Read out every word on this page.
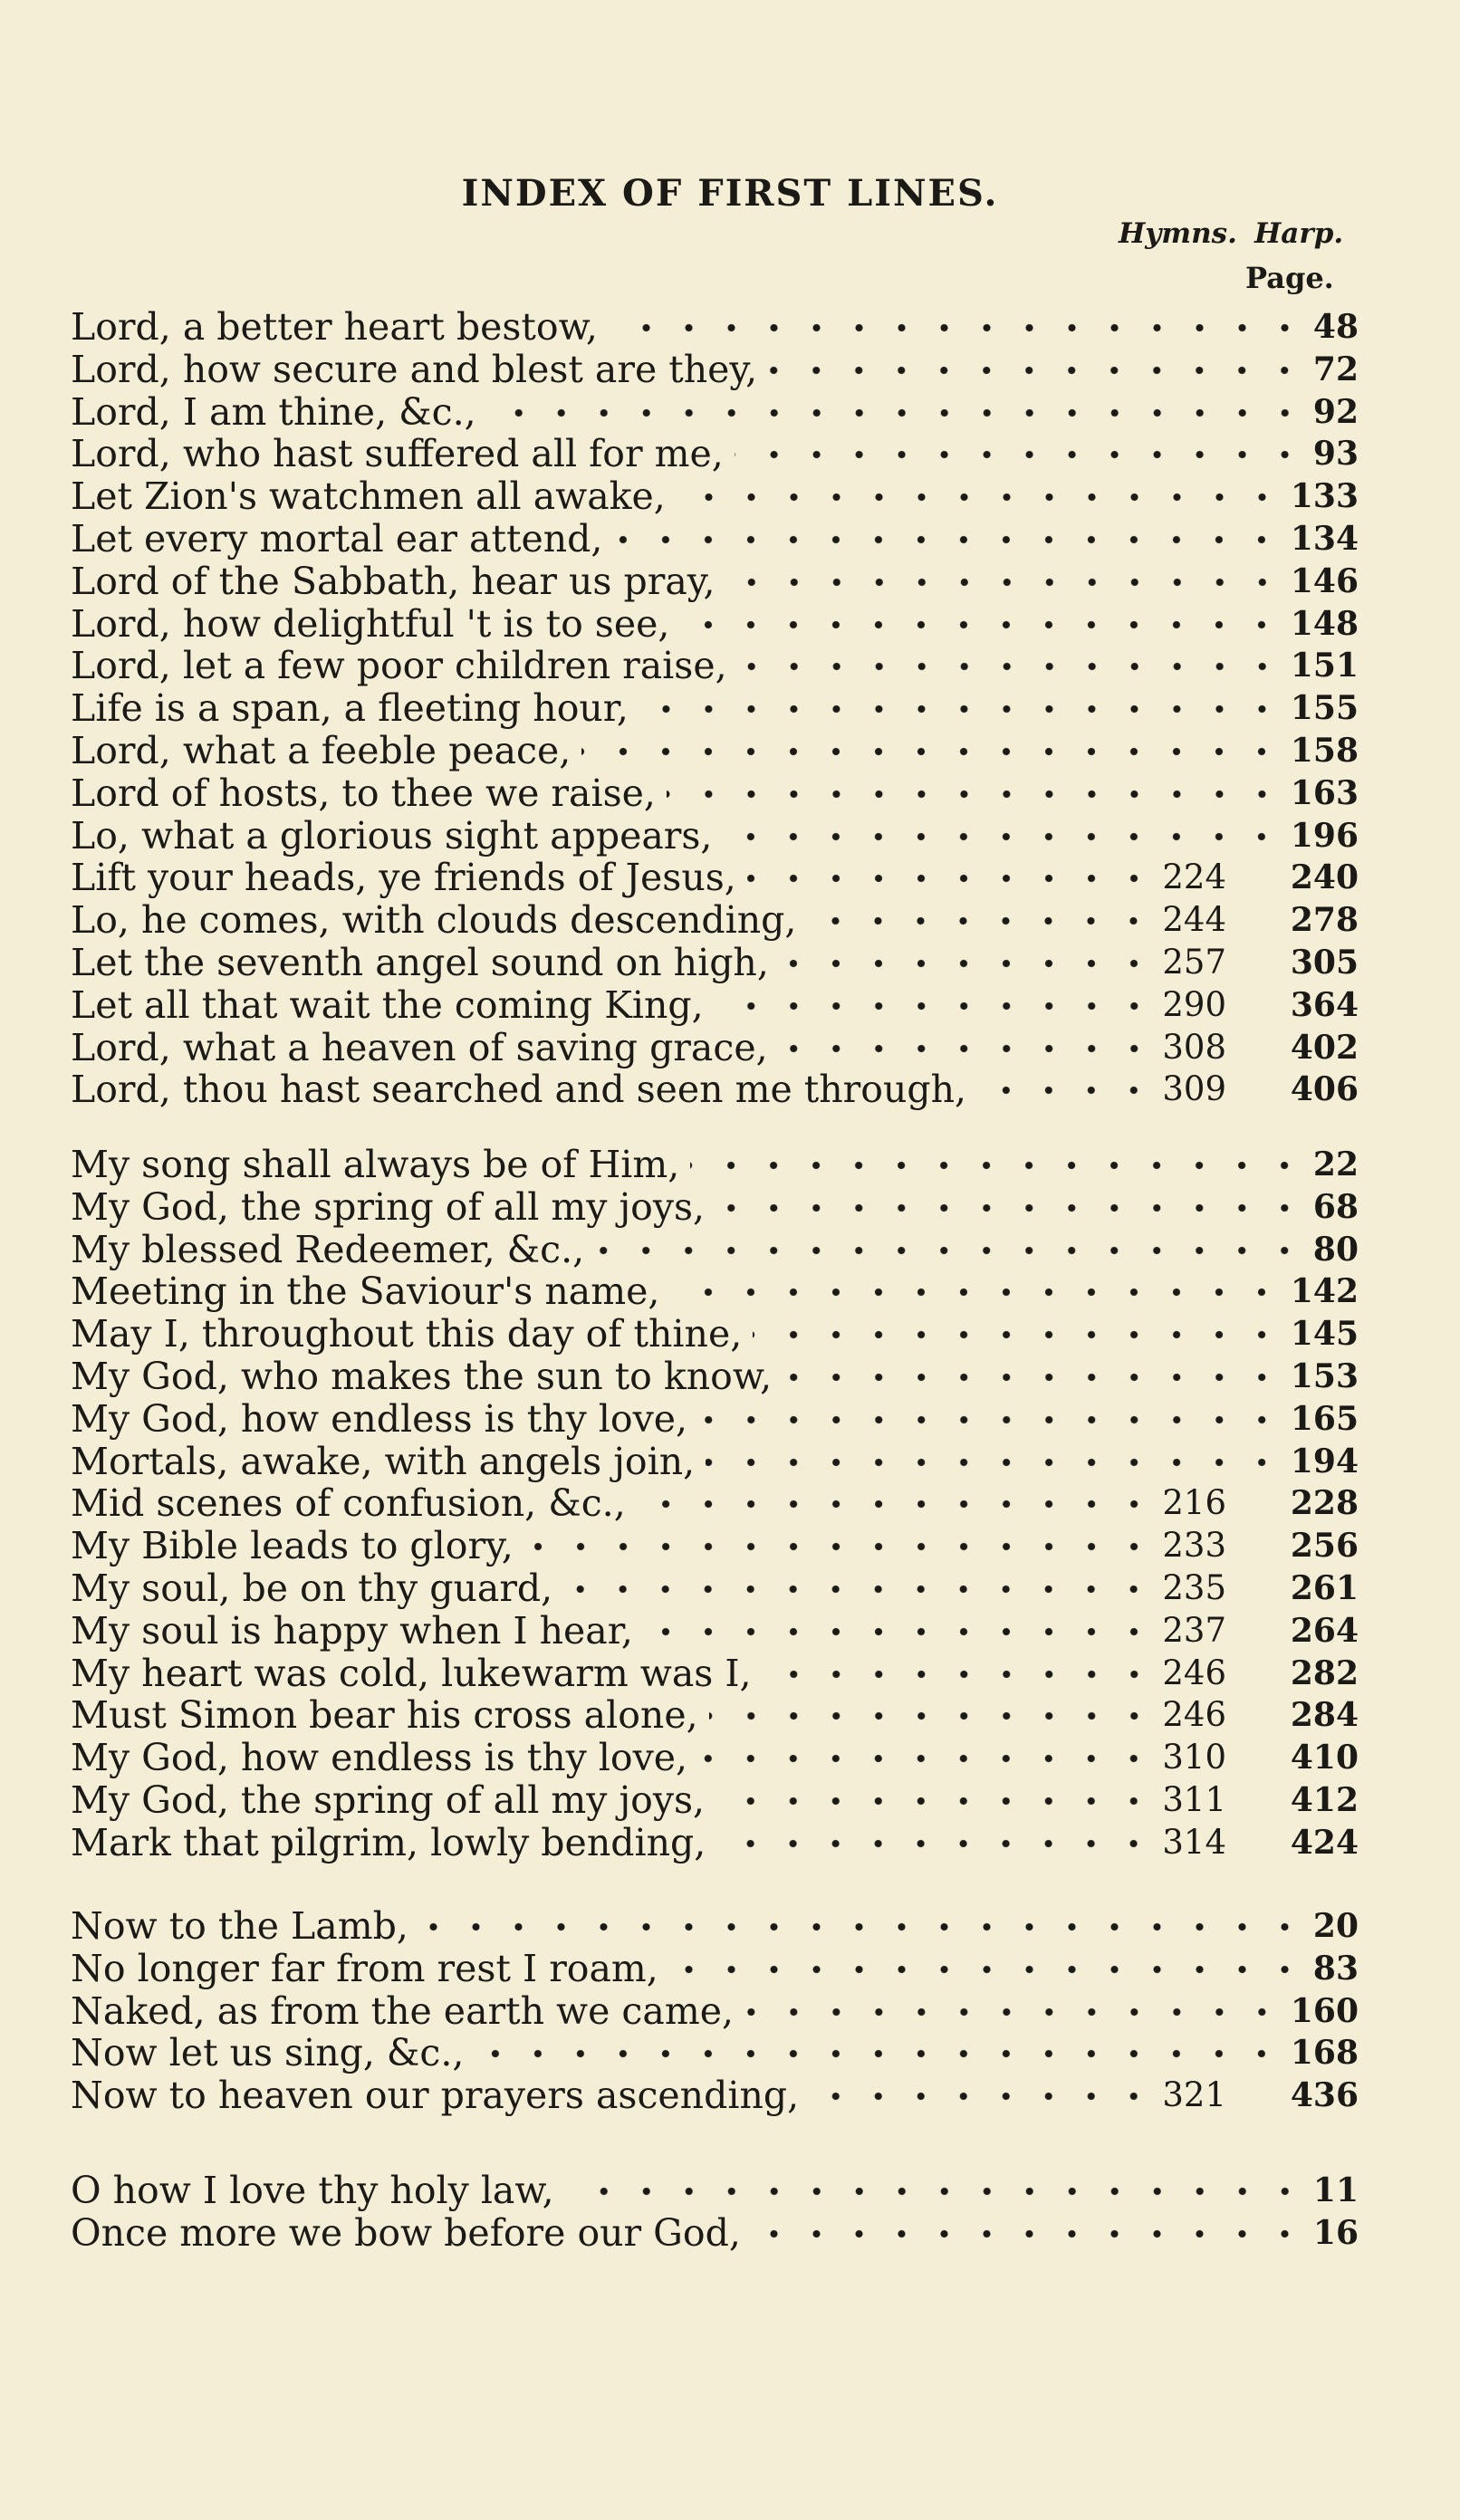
INDEX OF FIRST LINES.
Hymns. Harp.
Page.
Lord, a better heart bestow,	48
Lord, how secure and blest are they,	72
Lord, I am thine, &c.,	92
Lord, who hast suffered all for me,	93
Let Zion's watchmen all awake,	133
Let every mortal ear attend,	134
Lord of the Sabbath, hear us pray,	146
Lord, how delightful 't is to see,	148
Lord, let a few poor children raise,	151
Life is a span, a fleeting hour,	155
Lord, what a feeble peace,	158
Lord of hosts, to thee we raise,	163
Lo, what a glorious sight appears,	196
Lift your heads, ye friends of Jesus,	224 240
Lo, he comes, with clouds descending,	244 278
Let the seventh angel sound on high,	257 305
Let all that wait the coming King,	290 364
Lord, what a heaven of saving grace,	308 402
Lord, thou hast searched and seen me through,	309 406
My song shall always be of Him,	22
My God, the spring of all my joys,	68
My blessed Redeemer, &c.,	80
Meeting in the Saviour's name,	142
May I, throughout this day of thine,	145
My God, who makes the sun to know,	153
My God, how endless is thy love,	165
Mortals, awake, with angels join,	194
Mid scenes of confusion, &c.,	216 228
My Bible leads to glory,	233 256
My soul, be on thy guard,	235 261
My soul is happy when I hear,	237 264
My heart was cold, lukewarm was I,	246 282
Must Simon bear his cross alone,	246 284
My God, how endless is thy love,	310 410
My God, the spring of all my joys,	311 412
Mark that pilgrim, lowly bending,	314 424
Now to the Lamb,	20
No longer far from rest I roam,	83
Naked, as from the earth we came,	160
Now let us sing, &c.,	168
Now to heaven our prayers ascending,	321 436
O how I love thy holy law,	11
Once more we bow before our God,	16
